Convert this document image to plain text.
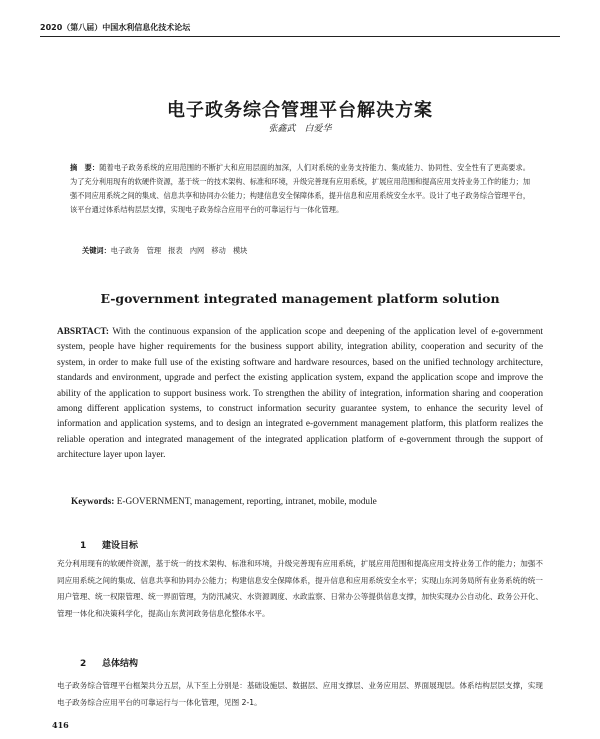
2020（第八届）中国水利信息化技术论坛
电子政务综合管理平台解决方案
张鑫武　白爱华
摘　要：随着电子政务系统的应用范围的不断扩大和应用层面的加深，人们对系统的业务支持能力、集成能力、协同性、安全性有了更高要求。为了充分利用现有的软硬件资源，基于统一的技术架构、标准和环境，升级完善现有应用系统，扩展应用范围和提高应用支持业务工作的能力；加强不同应用系统之间的集成、信息共享和协同办公能力；构建信息安全保障体系，提升信息和应用系统安全水平。设计了电子政务综合管理平台，该平台通过体系结构层层支撑，实现电子政务综合应用平台的可靠运行与一体化管理。
关键词：电子政务　管理　报表　内网　移动　模块
E-government integrated management platform solution
ABSRTACT: With the continuous expansion of the application scope and deepening of the application level of e-government system, people have higher requirements for the business support ability, integration ability, cooperation and security of the system, in order to make full use of the existing software and hardware resources, based on the unified technology architecture, standards and environment, upgrade and perfect the existing application system, expand the application scope and improve the ability of the application to support business work. To strengthen the ability of integration, information sharing and cooperation among different application systems, to construct information security guarantee system, to enhance the security level of information and application systems, and to design an integrated e-government management platform, this platform realizes the reliable operation and integrated management of the integrated application platform of e-government through the support of architecture layer upon layer.
Keywords: E-GOVERNMENT, management, reporting, intranet, mobile, module
1 建设目标
充分利用现有的软硬件资源，基于统一的技术架构、标准和环境，升级完善现有应用系统，扩展应用范围和提高应用支持业务工作的能力；加强不同应用系统之间的集成、信息共享和协同办公能力；构建信息安全保障体系，提升信息和应用系统安全水平；实现山东河务局所有业务系统的统一用户管理、统一权限管理、统一界面管理，为防汛减灾、水资源调度、水政监察、日常办公等提供信息支撑，加快实现办公自动化、政务公开化、管理一体化和决策科学化，提高山东黄河政务信息化整体水平。
2 总体结构
电子政务综合管理平台框架共分五层，从下至上分别是：基础设施层、数据层、应用支撑层、业务应用层、界面展现层。体系结构层层支撑，实现电子政务综合应用平台的可靠运行与一体化管理，见图 2-1。
416
